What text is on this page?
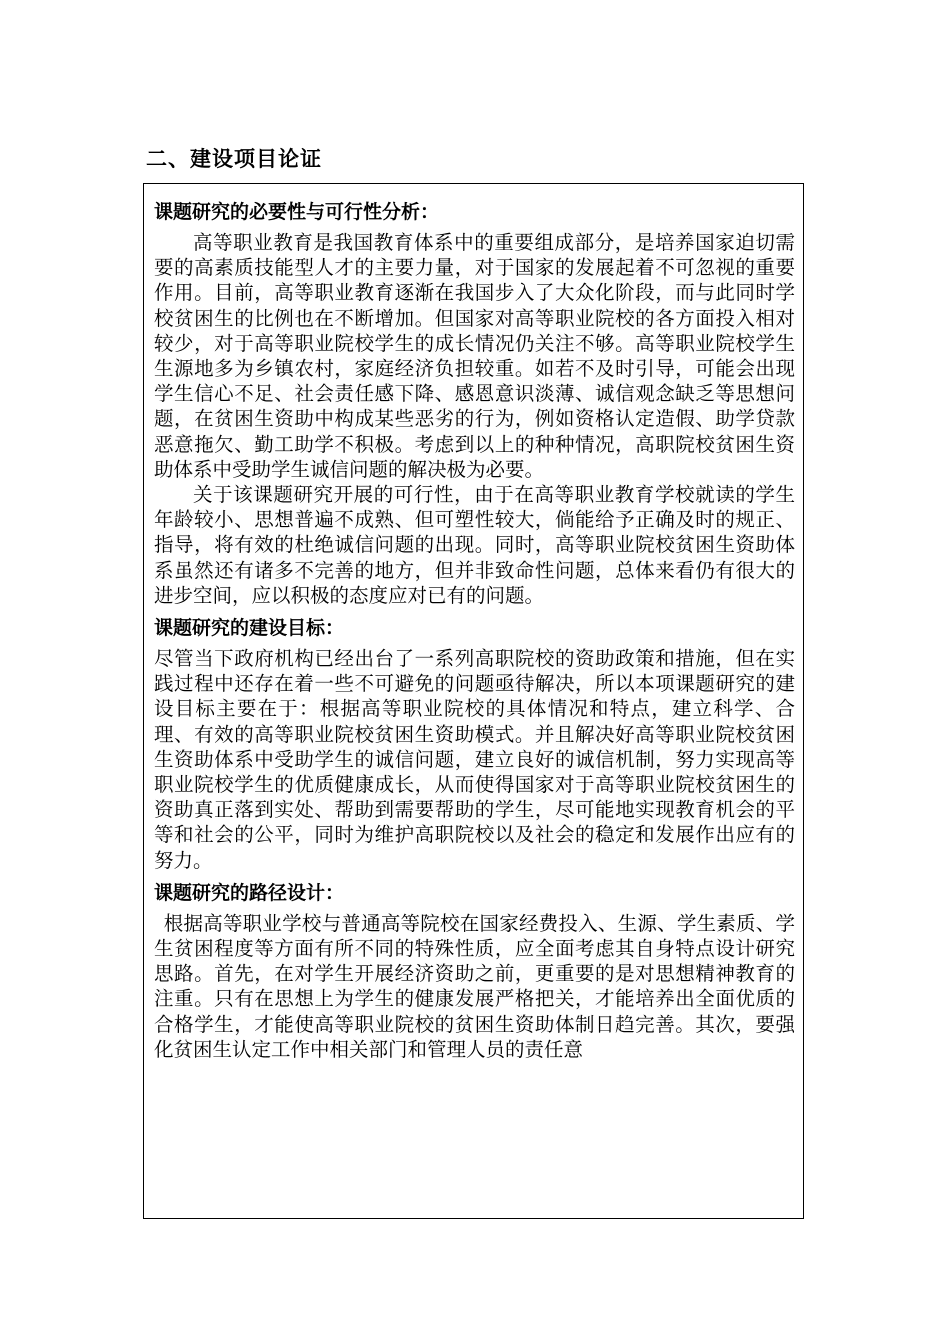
二、建设项目论证
课题研究的必要性与可行性分析：

高等职业教育是我国教育体系中的重要组成部分，是培养国家迫切需要的高素质技能型人才的主要力量，对于国家的发展起着不可忽视的重要作用。目前，高等职业教育逐渐在我国步入了大众化阶段，而与此同时学校贫困生的比例也在不断增加。但国家对高等职业院校的各方面投入相对较少，对于高等职业院校学生的成长情况仍关注不够。高等职业院校学生生源地多为乡镇农村，家庭经济负担较重。如若不及时引导，可能会出现学生信心不足、社会责任感下降、感恩意识淡薄、诚信观念缺乏等思想问题，在贫困生资助中构成某些恶劣的行为，例如资格认定造假、助学贷款恶意拖欠、勤工助学不积极。考虑到以上的种种情况，高职院校贫困生资助体系中受助学生诚信问题的解决极为必要。

关于该课题研究开展的可行性，由于在高等职业教育学校就读的学生年龄较小、思想普遍不成熟、但可塑性较大，倘能给予正确及时的规正、指导，将有效的杜绝诚信问题的出现。同时，高等职业院校贫困生资助体系虽然还有诸多不完善的地方，但并非致命性问题，总体来看仍有很大的进步空间，应以积极的态度应对已有的问题。

课题研究的建设目标：

尽管当下政府机构已经出台了一系列高职院校的资助政策和措施，但在实践过程中还存在着一些不可避免的问题亟待解决，所以本项课题研究的建设目标主要在于：根据高等职业院校的具体情况和特点，建立科学、合理、有效的高等职业院校贫困生资助模式。并且解决好高等职业院校贫困生资助体系中受助学生的诚信问题，建立良好的诚信机制，努力实现高等职业院校学生的优质健康成长，从而使得国家对于高等职业院校贫困生的资助真正落到实处、帮助到需要帮助的学生，尽可能地实现教育机会的平等和社会的公平，同时为维护高职院校以及社会的稳定和发展作出应有的努力。

课题研究的路径设计：

根据高等职业学校与普通高等院校在国家经费投入、生源、学生素质、学生贫困程度等方面有所不同的特殊性质，应全面考虑其自身特点设计研究思路。首先，在对学生开展经济资助之前，更重要的是对思想精神教育的注重。只有在思想上为学生的健康发展严格把关，才能培养出全面优质的合格学生，才能使高等职业院校的贫困生资助体制日趋完善。其次，要强化贫困生认定工作中相关部门和管理人员的责任意
